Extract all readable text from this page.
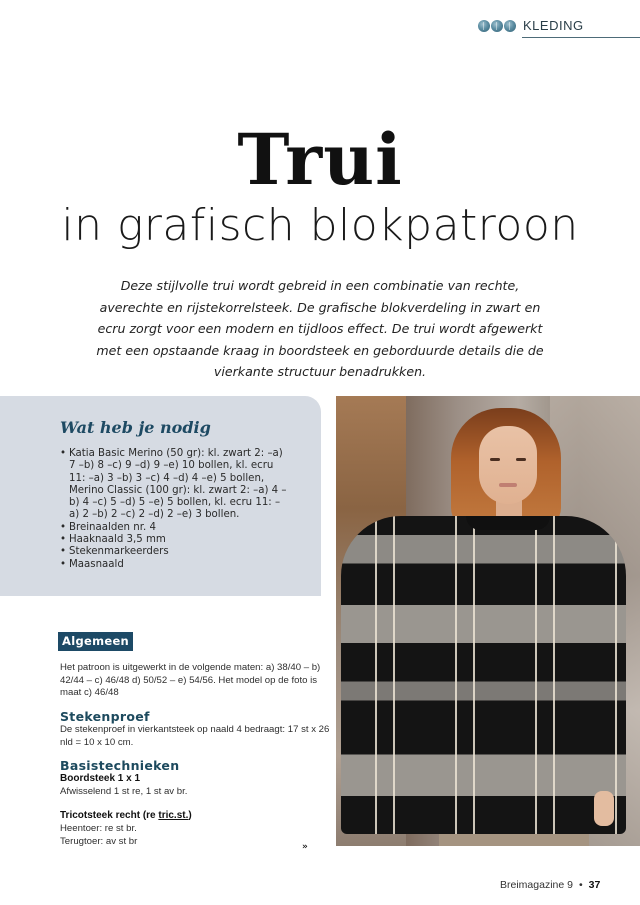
KLEDING
Trui
in grafisch blokpatroon

Deze stijlvolle trui wordt gebreid in een combinatie van rechte, averechte en rijstekorrelsteek. De grafische blokverdeling in zwart en ecru zorgt voor een modern en tijdloos effect. De trui wordt afgewerkt met een opstaande kraag in boordsteek en geborduurde details die de vierkante structuur benadrukken.

Wat heb je nodig
• Katia Basic Merino (50 gr): kl. zwart 2: –a) 7 –b) 8 –c) 9 –d) 9 –e) 10 bollen, kl. ecru 11: –a) 3 –b) 3 –c) 4 –d) 4 –e) 5 bollen, Merino Classic (100 gr): kl. zwart 2: –a) 4 –b) 4 –c) 5 –d) 5 –e) 5 bollen, kl. ecru 11: –a) 2 –b) 2 –c) 2 –d) 2 –e) 3 bollen.
• Breinaalden nr. 4
• Haaknaald 3,5 mm
• Stekenmarkeerders
• Maasnaald
Algemeen

Het patroon is uitgewerkt in de volgende maten: a) 38/40 – b) 42/44 – c) 46/48 d) 50/52 – e) 54/56. Het model op de foto is maat c) 46/48

Stekenproef

De stekenproef in vierkantsteek op naald 4 bedraagt: 17 st x 26 nld = 10 x 10 cm.

Basistechnieken
Boordsteek 1 x 1

Afwisselend 1 st re, 1 st av br.

Tricotsteek recht (re tric.st.)

Heentoer: re st br.

Terugtoer: av st br	»
Breimagazine 9 • 37
